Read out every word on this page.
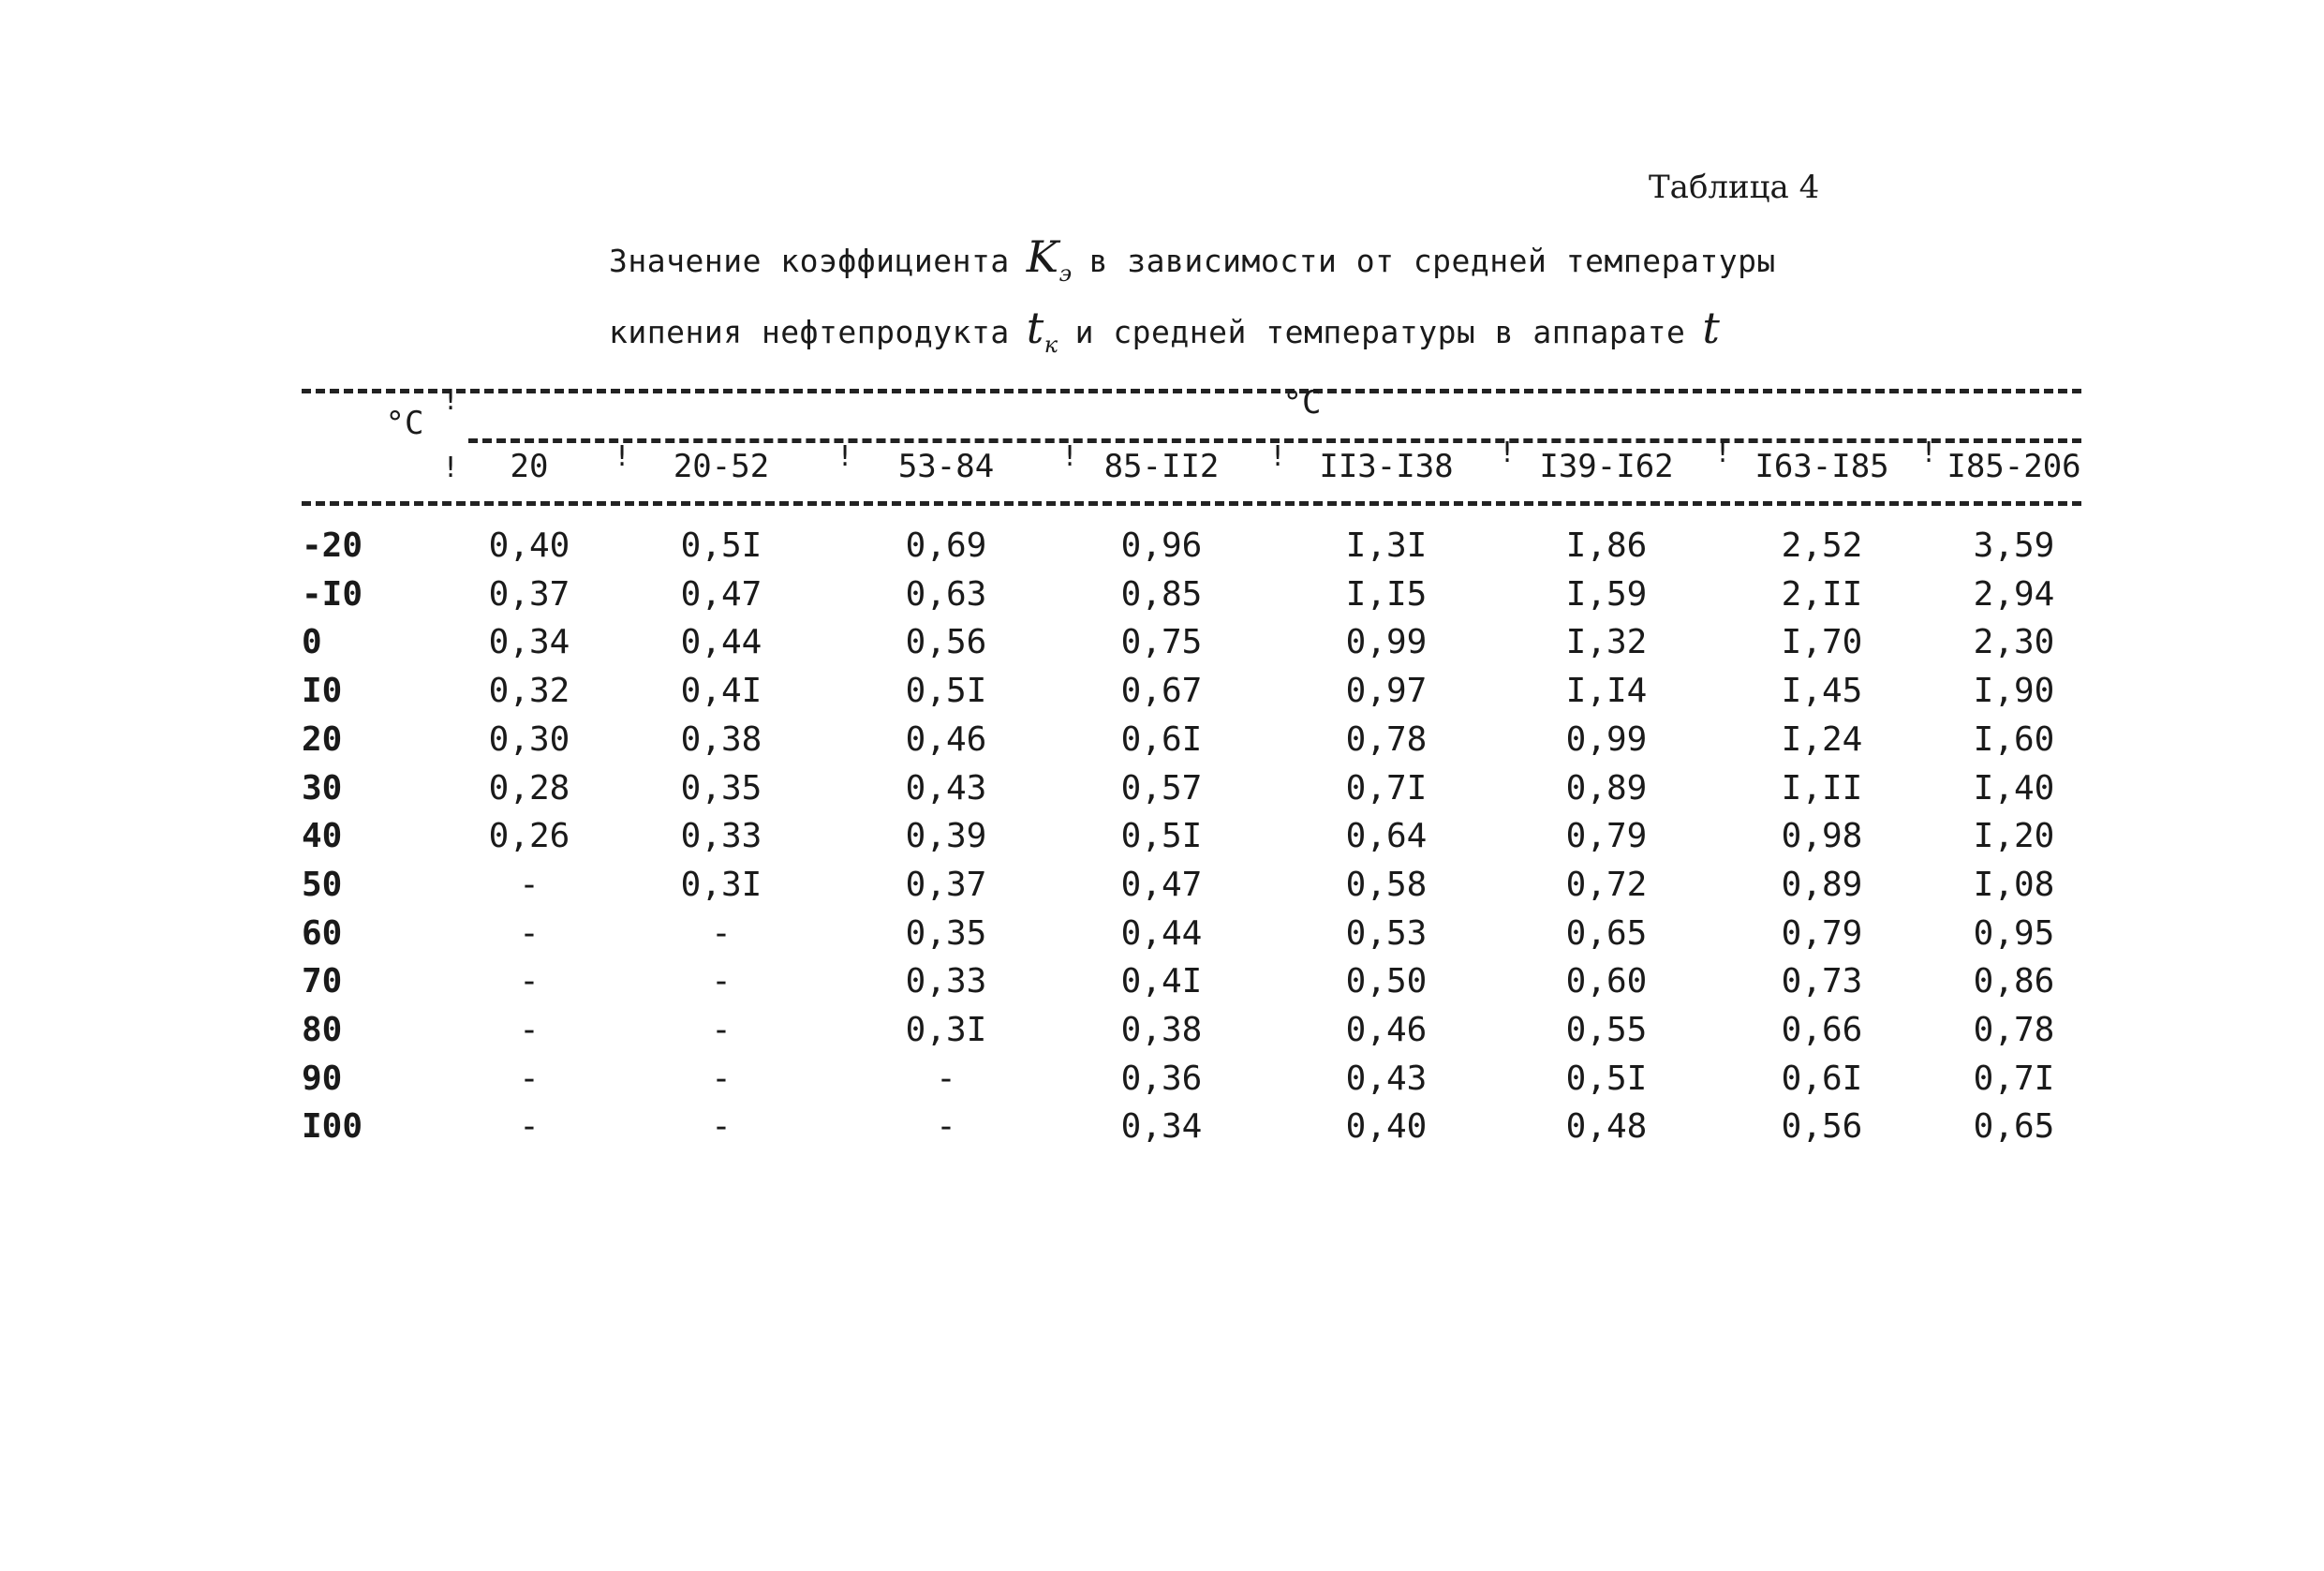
Таблица 4
Значение коэффициента $K_э$ в зависимости от средней температуры
кипения нефтепродукта $t_к$ и средней температуры в аппарате t
°C
°C
!
!	!	!	!	!	!	!	!
20	20-52	53-84	85-II2	II3-I38	I39-I62	I63-I85	I85-206
-20	0,40	0,5I	0,69	0,96	I,3I	I,86	2,52	3,59
-I0	0,37	0,47	0,63	0,85	I,I5	I,59	2,II	2,94
0	0,34	0,44	0,56	0,75	0,99	I,32	I,70	2,30
I0	0,32	0,4I	0,5I	0,67	0,97	I,I4	I,45	I,90
20	0,30	0,38	0,46	0,6I	0,78	0,99	I,24	I,60
30	0,28	0,35	0,43	0,57	0,7I	0,89	I,II	I,40
40	0,26	0,33	0,39	0,5I	0,64	0,79	0,98	I,20
50	-	0,3I	0,37	0,47	0,58	0,72	0,89	I,08
60	-	-	0,35	0,44	0,53	0,65	0,79	0,95
70	-	-	0,33	0,4I	0,50	0,60	0,73	0,86
80	-	-	0,3I	0,38	0,46	0,55	0,66	0,78
90	-	-	-	0,36	0,43	0,5I	0,6I	0,7I
I00	-	-	-	0,34	0,40	0,48	0,56	0,65
